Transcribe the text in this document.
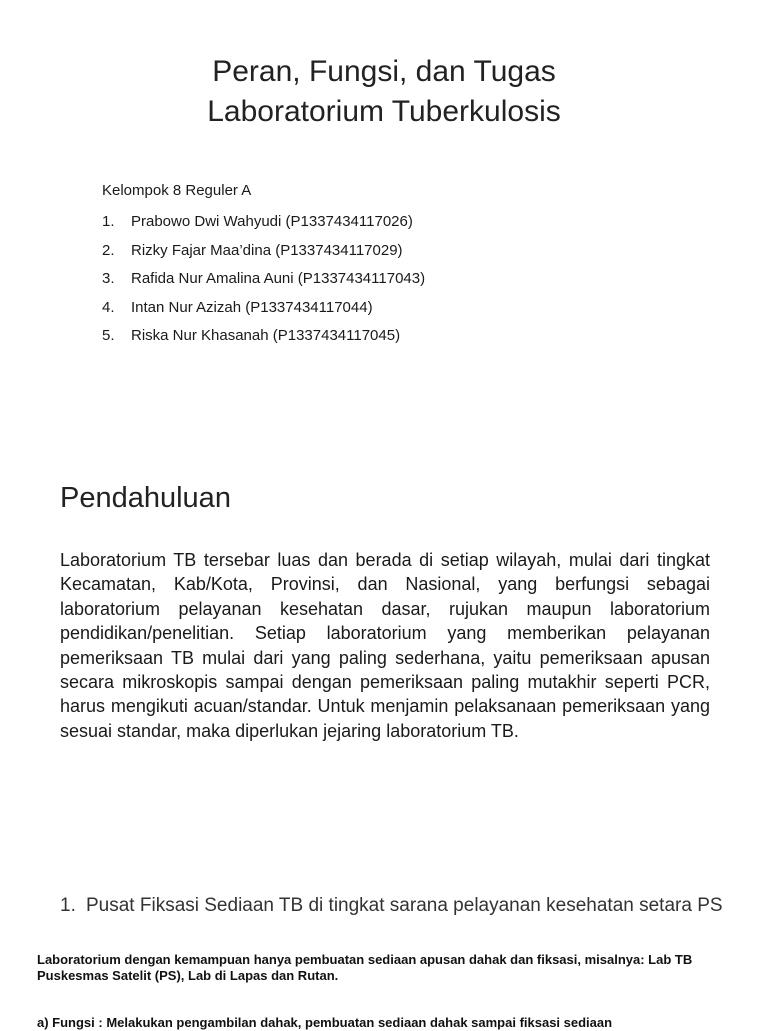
Peran, Fungsi, dan Tugas
Laboratorium Tuberkulosis
Kelompok 8 Reguler A
1. Prabowo Dwi Wahyudi (P1337434117026)
2. Rizky Fajar Maa’dina (P1337434117029)
3. Rafida Nur Amalina Auni (P1337434117043)
4. Intan Nur Azizah (P1337434117044)
5. Riska Nur Khasanah (P1337434117045)
Pendahuluan

Laboratorium TB tersebar luas dan berada di setiap wilayah, mulai dari tingkat Kecamatan, Kab/Kota, Provinsi, dan Nasional, yang berfungsi sebagai laboratorium pelayanan kesehatan dasar, rujukan maupun laboratorium pendidikan/penelitian. Setiap laboratorium yang memberikan pelayanan pemeriksaan TB mulai dari yang paling sederhana, yaitu pemeriksaan apusan secara mikroskopis sampai dengan pemeriksaan paling mutakhir seperti PCR, harus mengikuti acuan/standar. Untuk menjamin pelaksanaan pemeriksaan yang sesuai standar, maka diperlukan jejaring laboratorium TB.

1. Pusat Fiksasi Sediaan TB di tingkat sarana pelayanan kesehatan setara PS

Laboratorium dengan kemampuan hanya pembuatan sediaan apusan dahak dan fiksasi, misalnya: Lab TB Puskesmas Satelit (PS), Lab di Lapas dan Rutan.

a) Fungsi : Melakukan pengambilan dahak, pembuatan sediaan dahak sampai fiksasi sediaan
